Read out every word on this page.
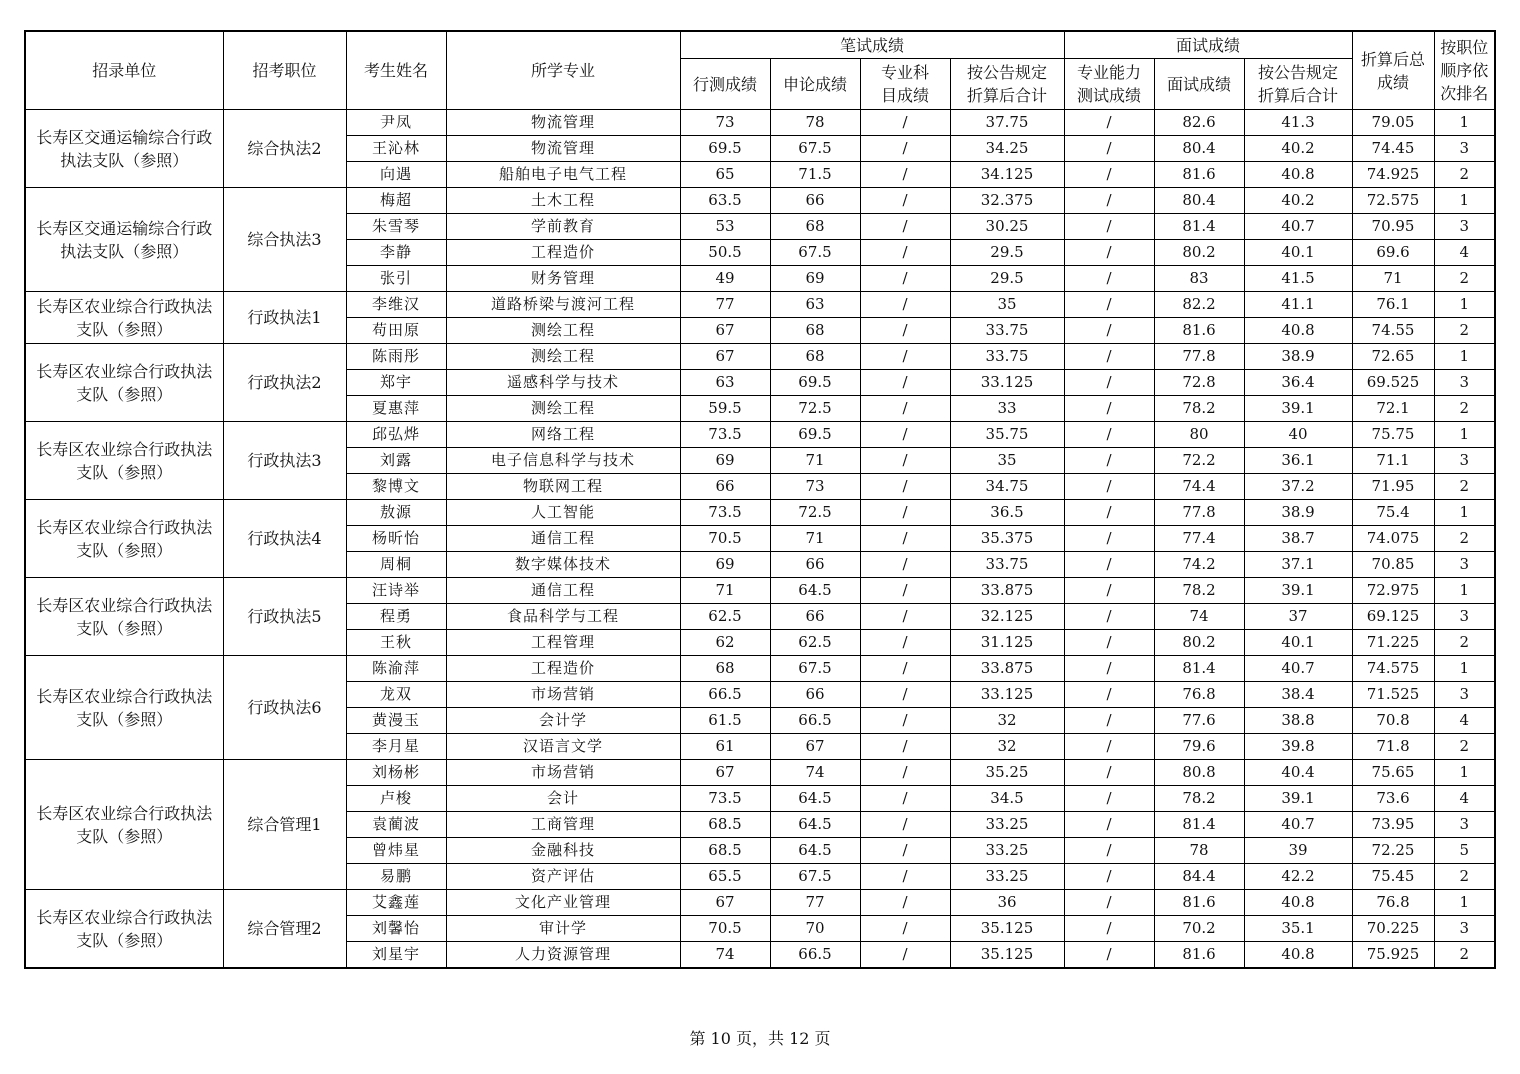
招录单位	招考职位	考生姓名	所学专业	笔试成绩				面试成绩			折算后总成绩	按职位顺序依次排名
				行测成绩	申论成绩	专业科目成绩	按公告规定折算后合计	专业能力测试成绩	面试成绩	按公告规定折算后合计		
长寿区交通运输综合行政执法支队（参照）	综合执法2	尹凤	物流管理	73	78	/	37.75	/	82.6	41.3	79.05	1
		王沁林	物流管理	69.5	67.5	/	34.25	/	80.4	40.2	74.45	3
		向遇	船舶电子电气工程	65	71.5	/	34.125	/	81.6	40.8	74.925	2
长寿区交通运输综合行政执法支队（参照）	综合执法3	梅超	土木工程	63.5	66	/	32.375	/	80.4	40.2	72.575	1
		朱雪琴	学前教育	53	68	/	30.25	/	81.4	40.7	70.95	3
		李静	工程造价	50.5	67.5	/	29.5	/	80.2	40.1	69.6	4
		张引	财务管理	49	69	/	29.5	/	83	41.5	71	2
长寿区农业综合行政执法支队（参照）	行政执法1	李维汉	道路桥梁与渡河工程	77	63	/	35	/	82.2	41.1	76.1	1
		苟田原	测绘工程	67	68	/	33.75	/	81.6	40.8	74.55	2
长寿区农业综合行政执法支队（参照）	行政执法2	陈雨彤	测绘工程	67	68	/	33.75	/	77.8	38.9	72.65	1
		郑宇	遥感科学与技术	63	69.5	/	33.125	/	72.8	36.4	69.525	3
		夏惠萍	测绘工程	59.5	72.5	/	33	/	78.2	39.1	72.1	2
长寿区农业综合行政执法支队（参照）	行政执法3	邱弘烨	网络工程	73.5	69.5	/	35.75	/	80	40	75.75	1
		刘露	电子信息科学与技术	69	71	/	35	/	72.2	36.1	71.1	3
		黎博文	物联网工程	66	73	/	34.75	/	74.4	37.2	71.95	2
长寿区农业综合行政执法支队（参照）	行政执法4	敖源	人工智能	73.5	72.5	/	36.5	/	77.8	38.9	75.4	1
		杨昕怡	通信工程	70.5	71	/	35.375	/	77.4	38.7	74.075	2
		周桐	数字媒体技术	69	66	/	33.75	/	74.2	37.1	70.85	3
长寿区农业综合行政执法支队（参照）	行政执法5	汪诗举	通信工程	71	64.5	/	33.875	/	78.2	39.1	72.975	1
		程勇	食品科学与工程	62.5	66	/	32.125	/	74	37	69.125	3
		王秋	工程管理	62	62.5	/	31.125	/	80.2	40.1	71.225	2
长寿区农业综合行政执法支队（参照）	行政执法6	陈渝萍	工程造价	68	67.5	/	33.875	/	81.4	40.7	74.575	1
		龙双	市场营销	66.5	66	/	33.125	/	76.8	38.4	71.525	3
		黄漫玉	会计学	61.5	66.5	/	32	/	77.6	38.8	70.8	4
		李月星	汉语言文学	61	67	/	32	/	79.6	39.8	71.8	2
长寿区农业综合行政执法支队（参照）	综合管理1	刘杨彬	市场营销	67	74	/	35.25	/	80.8	40.4	75.65	1
		卢梭	会计	73.5	64.5	/	34.5	/	78.2	39.1	73.6	4
		袁蔺波	工商管理	68.5	64.5	/	33.25	/	81.4	40.7	73.95	3
		曾炜星	金融科技	68.5	64.5	/	33.25	/	78	39	72.25	5
		易鹏	资产评估	65.5	67.5	/	33.25	/	84.4	42.2	75.45	2
长寿区农业综合行政执法支队（参照）	综合管理2	艾鑫莲	文化产业管理	67	77	/	36	/	81.6	40.8	76.8	1
		刘馨怡	审计学	70.5	70	/	35.125	/	70.2	35.1	70.225	3
		刘星宇	人力资源管理	74	66.5	/	35.125	/	81.6	40.8	75.925	2
第 10 页，共 12 页
